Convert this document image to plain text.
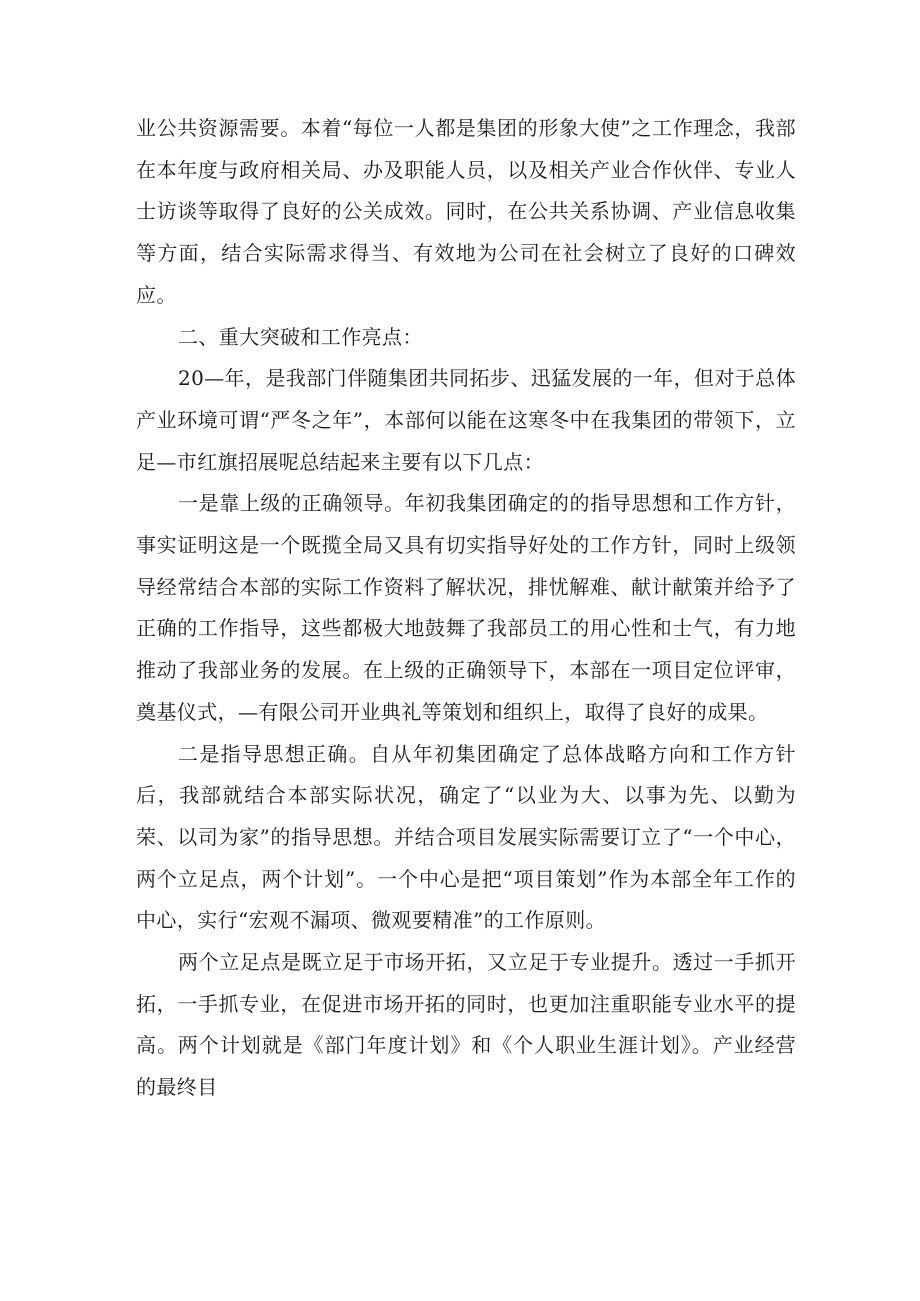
业公共资源需要。本着“每位一人都是集团的形象大使”之工作理念，我部在本年度与政府相关局、办及职能人员，以及相关产业合作伙伴、专业人士访谈等取得了良好的公关成效。同时，在公共关系协调、产业信息收集等方面，结合实际需求得当、有效地为公司在社会树立了良好的口碑效应。

二、重大突破和工作亮点：

20—年，是我部门伴随集团共同拓步、迅猛发展的一年，但对于总体产业环境可谓“严冬之年”，本部何以能在这寒冬中在我集团的带领下，立足—市红旗招展呢总结起来主要有以下几点：

一是靠上级的正确领导。年初我集团确定的的指导思想和工作方针，事实证明这是一个既揽全局又具有切实指导好处的工作方针，同时上级领导经常结合本部的实际工作资料了解状况，排忧解难、献计献策并给予了正确的工作指导，这些都极大地鼓舞了我部员工的用心性和士气，有力地推动了我部业务的发展。在上级的正确领导下，本部在一项目定位评审，奠基仪式，—有限公司开业典礼等策划和组织上，取得了良好的成果。

二是指导思想正确。自从年初集团确定了总体战略方向和工作方针后，我部就结合本部实际状况，确定了“以业为大、以事为先、以勤为荣、以司为家”的指导思想。并结合项目发展实际需要订立了“一个中心，两个立足点，两个计划”。一个中心是把“项目策划”作为本部全年工作的中心，实行“宏观不漏项、微观要精准”的工作原则。

两个立足点是既立足于市场开拓，又立足于专业提升。透过一手抓开拓，一手抓专业，在促进市场开拓的同时，也更加注重职能专业水平的提高。两个计划就是《部门年度计划》和《个人职业生涯计划》。产业经营的最终目
